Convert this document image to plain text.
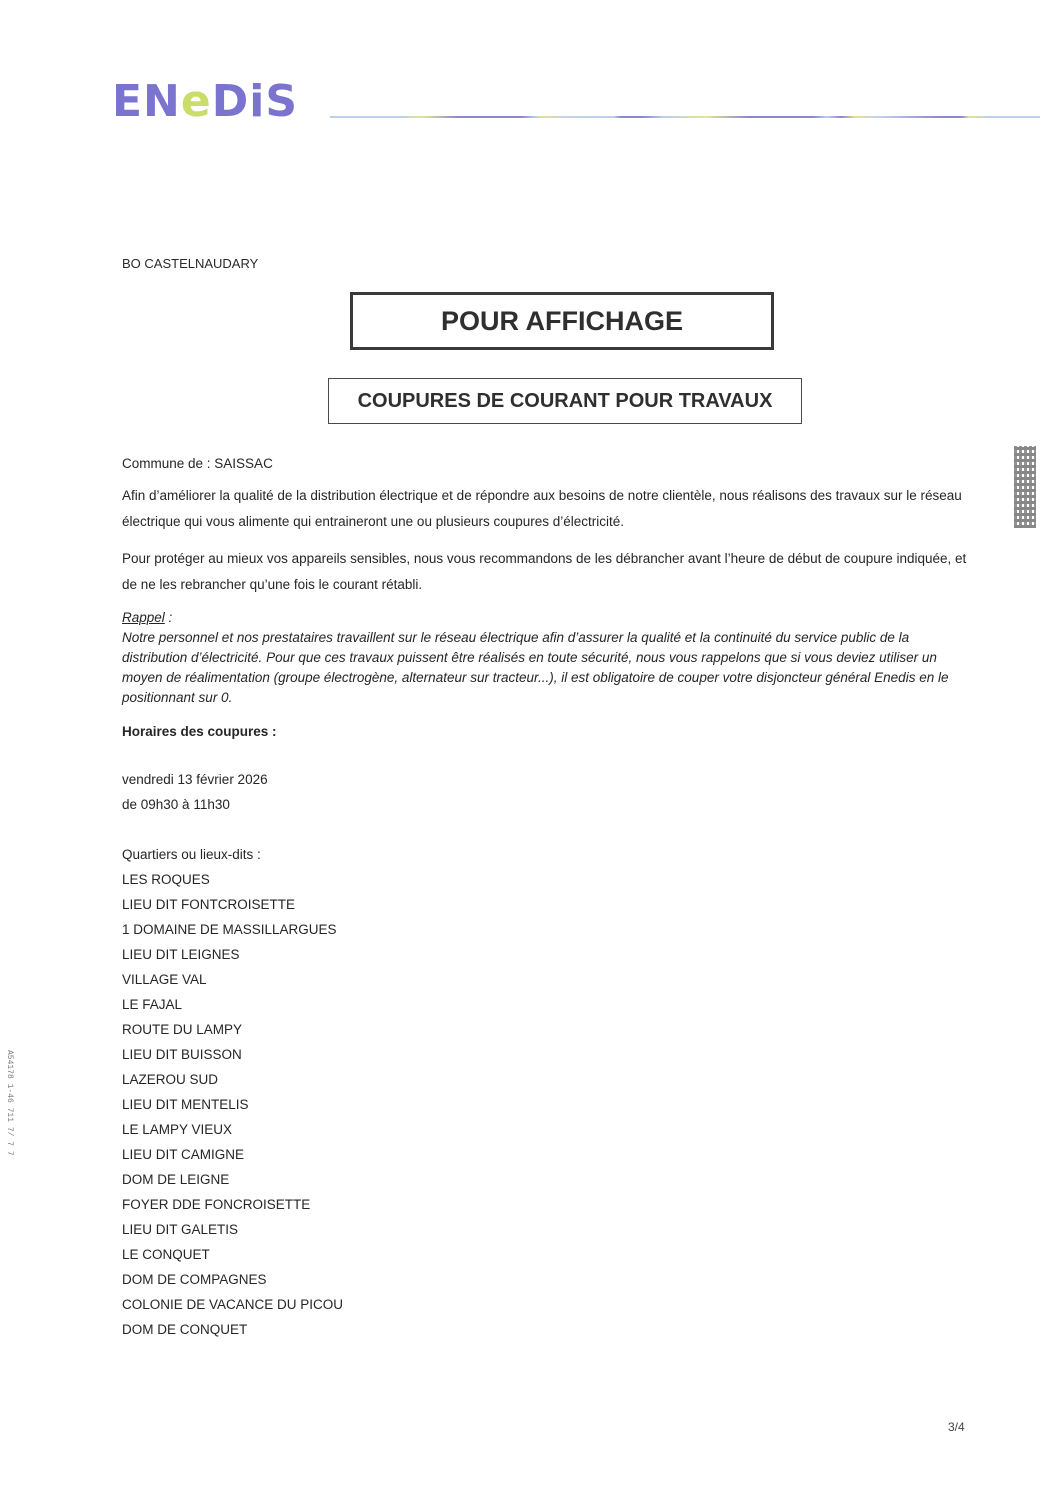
ENeDiS
BO CASTELNAUDARY
POUR AFFICHAGE
COUPURES DE COURANT POUR TRAVAUX
Commune de : SAISSAC
Afin d’améliorer la qualité de la distribution électrique et de répondre aux besoins de notre clientèle, nous réalisons des travaux sur le réseau électrique qui vous alimente qui entraineront une ou plusieurs coupures d’électricité.
Pour protéger au mieux vos appareils sensibles, nous vous recommandons de les débrancher avant l’heure de début de coupure indiquée, et de ne les rebrancher qu’une fois le courant rétabli.
Rappel :
Notre personnel et nos prestataires travaillent sur le réseau électrique afin d’assurer la qualité et la continuité du service public de la distribution d’électricité. Pour que ces travaux puissent être réalisés en toute sécurité, nous vous rappelons que si vous deviez utiliser un moyen de réalimentation (groupe électrogène, alternateur sur tracteur...), il est obligatoire de couper votre disjoncteur général Enedis en le positionnant sur 0.
Horaires des coupures :
vendredi 13 février 2026
de 09h30 à 11h30
Quartiers ou lieux-dits :
LES ROQUES
LIEU DIT FONTCROISETTE
1 DOMAINE DE MASSILLARGUES
LIEU DIT LEIGNES
VILLAGE VAL
LE FAJAL
ROUTE DU LAMPY
LIEU DIT BUISSON
LAZEROU SUD
LIEU DIT MENTELIS
LE LAMPY VIEUX
LIEU DIT CAMIGNE
DOM DE LEIGNE
FOYER DDE FONCROISETTE
LIEU DIT GALETIS
LE CONQUET
DOM DE COMPAGNES
COLONIE DE VACANCE DU PICOU
DOM DE CONQUET
A54178 1-46 711 7/ 7 7
3/4
